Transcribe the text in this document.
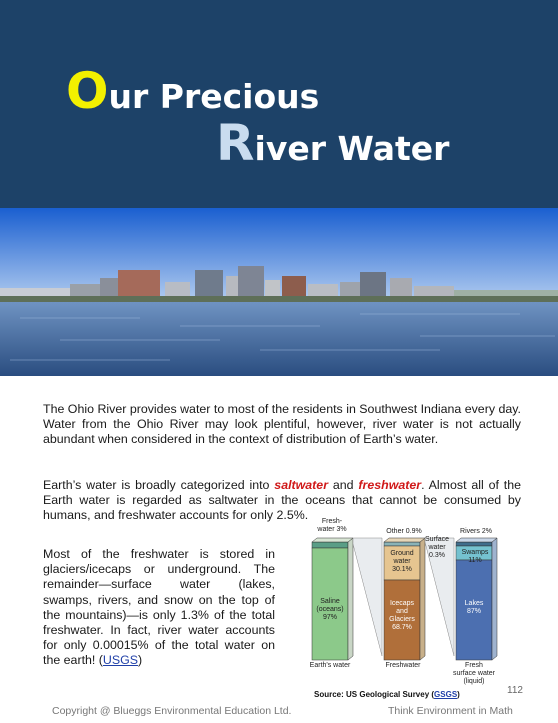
Our Precious
River Water

The Ohio River provides water to most of the residents in Southwest Indiana every day. Water from the Ohio River may look plentiful, however, river water is not actually abundant when considered in the context of distribution of Earth’s water.

Earth’s water is broadly categorized into saltwater and freshwater. Almost all of the Earth water is regarded as saltwater in the oceans that cannot be consumed by humans, and freshwater accounts for only 2.5%.

Most of the freshwater is stored in glaciers/icecaps or underground. The remainder—surface water (lakes, swamps, rivers, and snow on the top of the mountains)—is only 1.3% of the total freshwater. In fact, river water accounts for only 0.00015% of the total water on the earth! (USGS)

Fresh-
water 3%
Saline
(oceans)
97%
Earth's water
Other 0.9%
Surface
water
0.3%
Ground
water
30.1%
Icecaps
and
Glaciers
68.7%
Freshwater
Rivers 2%
Swamps 11%
Lakes
87%
Fresh
surface water
(liquid)
Source: US Geological Survey (GSGS)	112
Copyright @ Blueggs Environmental Education Ltd.	Think Environment in Math
